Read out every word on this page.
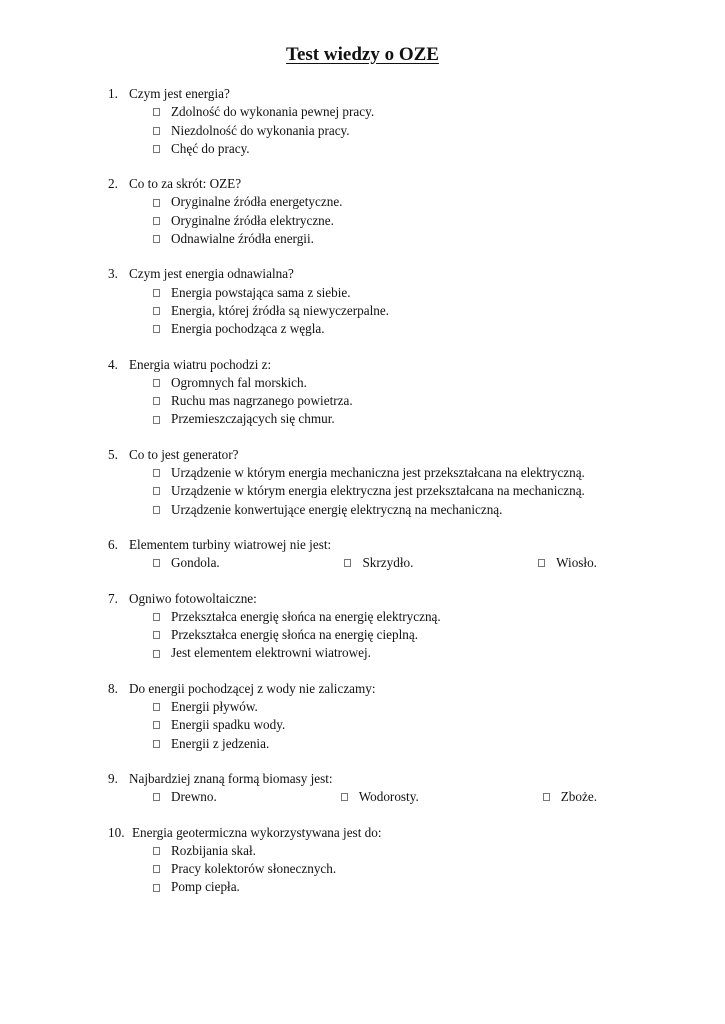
Test wiedzy o OZE
1. Czym jest energia?
Zdolność do wykonania pewnej pracy.
Niezdolność do wykonania pracy.
Chęć do pracy.
2. Co to za skrót: OZE?
Oryginalne źródła energetyczne.
Oryginalne źródła elektryczne.
Odnawialne źródła energii.
3. Czym jest energia odnawialna?
Energia powstająca sama z siebie.
Energia, której źródła są niewyczerpalne.
Energia pochodząca z węgla.
4. Energia wiatru pochodzi z:
Ogromnych fal morskich.
Ruchu mas nagrzanego powietrza.
Przemieszczających się chmur.
5. Co to jest generator?
Urządzenie w którym energia mechaniczna jest przekształcana na elektryczną.
Urządzenie w którym energia elektryczna jest przekształcana na mechaniczną.
Urządzenie konwertujące energię elektryczną na mechaniczną.
6. Elementem turbiny wiatrowej nie jest:
Gondola.	Skrzydło.	Wiosło.
7. Ogniwo fotowoltaiczne:
Przekształca energię słońca na energię elektryczną.
Przekształca energię słońca na energię cieplną.
Jest elementem elektrowni wiatrowej.
8. Do energii pochodzącej z wody nie zaliczamy:
Energii pływów.
Energii spadku wody.
Energii z jedzenia.
9. Najbardziej znaną formą biomasy jest:
Drewno.	Wodorosty.	Zboże.
10. Energia geotermiczna wykorzystywana jest do:
Rozbijania skał.
Pracy kolektorów słonecznych.
Pomp ciepła.
